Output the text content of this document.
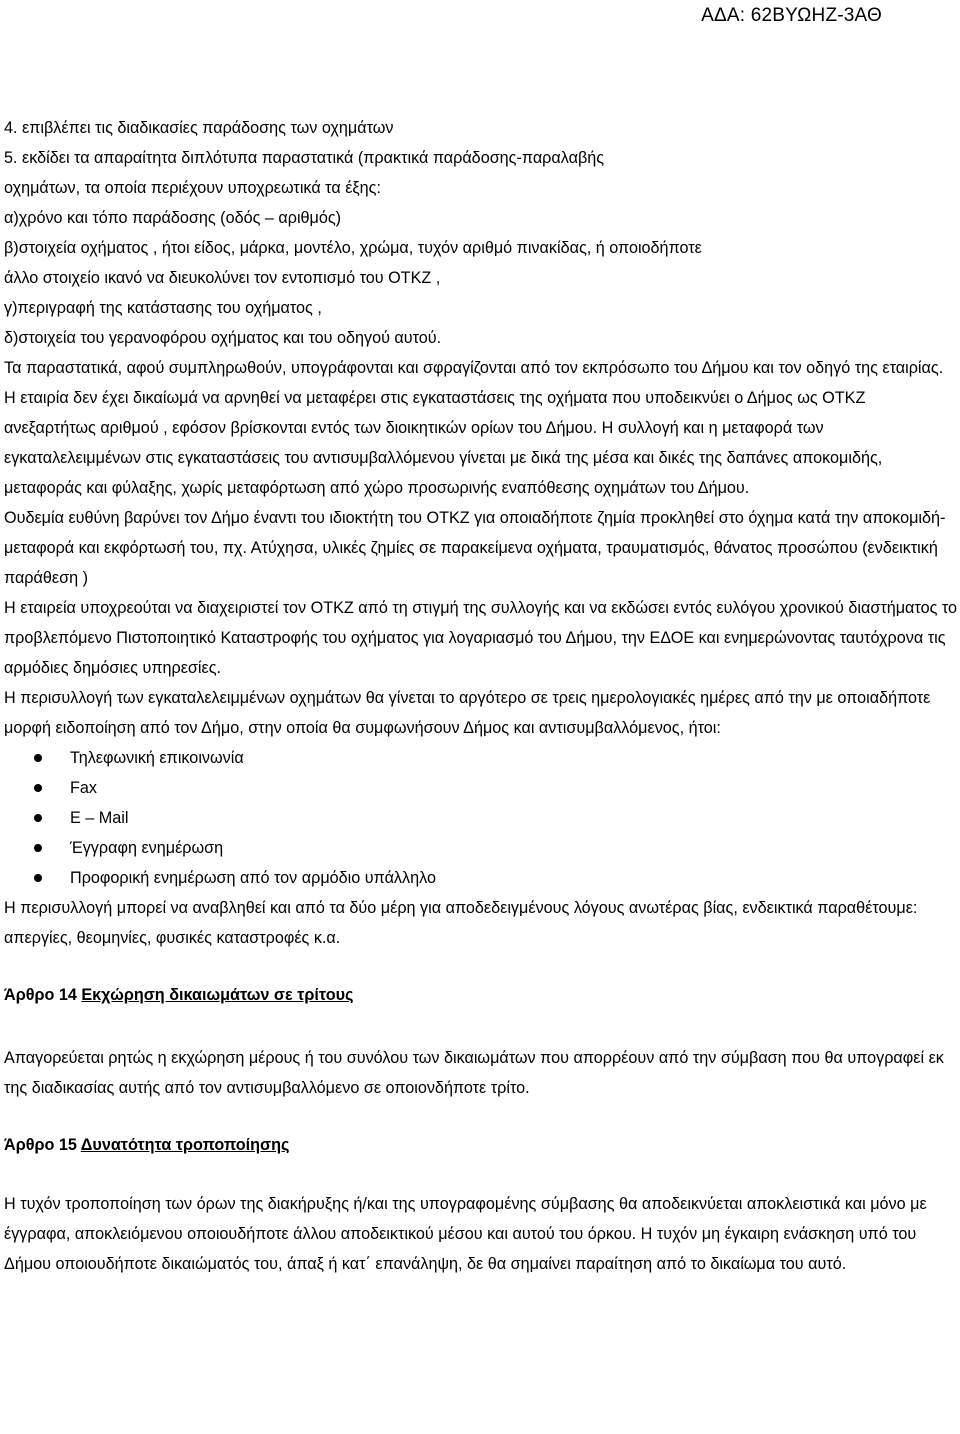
ΑΔΑ: 62ΒΥΩΗΖ-3ΑΘ

4. επιβλέπει τις διαδικασίες παράδοσης των οχημάτων

5. εκδίδει τα απαραίτητα διπλότυπα παραστατικά (πρακτικά παράδοσης-παραλαβής

οχημάτων, τα οποία περιέχουν υποχρεωτικά τα έξης:

α)χρόνο και τόπο παράδοσης (οδός – αριθμός)

β)στοιχεία οχήματος , ήτοι είδος, μάρκα, μοντέλο, χρώμα, τυχόν αριθμό πινακίδας, ή οποιοδήποτε

άλλο στοιχείο ικανό να διευκολύνει τον εντοπισμό του ΟΤΚΖ ,

γ)περιγραφή της κατάστασης του οχήματος ,

δ)στοιχεία του γερανοφόρου οχήματος και του οδηγού αυτού.

Τα παραστατικά, αφού συμπληρωθούν, υπογράφονται και σφραγίζονται από τον εκπρόσωπο του Δήμου και τον οδηγό της εταιρίας.

Η εταιρία δεν έχει δικαίωμά να αρνηθεί να μεταφέρει στις εγκαταστάσεις της οχήματα που υποδεικνύει ο Δήμος ως ΟΤΚΖ ανεξαρτήτως αριθμού , εφόσον βρίσκονται εντός των διοικητικών ορίων του Δήμου. Η συλλογή και η μεταφορά των εγκαταλελειμμένων στις εγκαταστάσεις του αντισυμβαλλόμενου γίνεται με δικά της μέσα και δικές της δαπάνες αποκομιδής, μεταφοράς και φύλαξης, χωρίς μεταφόρτωση από χώρο προσωρινής εναπόθεσης οχημάτων του Δήμου.

Ουδεμία ευθύνη βαρύνει τον Δήμο έναντι του ιδιοκτήτη του ΟΤΚΖ για οποιαδήποτε ζημία προκληθεί στο όχημα κατά την αποκομιδή- μεταφορά και εκφόρτωσή του, πχ. Ατύχησα, υλικές ζημίες σε παρακείμενα οχήματα, τραυματισμός, θάνατος προσώπου (ενδεικτική παράθεση )

Η εταιρεία υποχρεούται να διαχειριστεί τον ΟΤΚΖ από τη στιγμή της συλλογής και να εκδώσει εντός ευλόγου χρονικού διαστήματος το προβλεπόμενο Πιστοποιητικό Καταστροφής του οχήματος για λογαριασμό του Δήμου, την ΕΔΟΕ και ενημερώνοντας ταυτόχρονα τις αρμόδιες δημόσιες υπηρεσίες.

Η περισυλλογή των εγκαταλελειμμένων οχημάτων θα γίνεται το αργότερο σε τρεις ημερολογιακές ημέρες από την με οποιαδήποτε μορφή ειδοποίηση από τον Δήμο, στην οποία θα συμφωνήσουν Δήμος και αντισυμβαλλόμενος, ήτοι:

Τηλεφωνική επικοινωνία
Fax
E – Mail
Έγγραφη ενημέρωση
Προφορική ενημέρωση από τον αρμόδιο υπάλληλο

Η περισυλλογή μπορεί να αναβληθεί και από τα δύο μέρη για αποδεδειγμένους λόγους ανωτέρας βίας, ενδεικτικά παραθέτουμε: απεργίες, θεομηνίες, φυσικές καταστροφές κ.α.

Άρθρο 14 Εκχώρηση δικαιωμάτων σε τρίτους

Απαγορεύεται ρητώς η εκχώρηση μέρους ή του συνόλου των δικαιωμάτων που απορρέουν από την σύμβαση που θα υπογραφεί εκ της διαδικασίας αυτής από τον αντισυμβαλλόμενο σε οποιονδήποτε τρίτο.

Άρθρο 15 Δυνατότητα τροποποίησης

Η τυχόν τροποποίηση των όρων της διακήρυξης ή/και της υπογραφομένης σύμβασης θα αποδεικνύεται αποκλειστικά και μόνο με έγγραφα, αποκλειόμενου οποιουδήποτε άλλου αποδεικτικού μέσου και αυτού του όρκου. Η τυχόν μη έγκαιρη ενάσκηση υπό του Δήμου οποιουδήποτε δικαιώματός του, άπαξ ή κατ΄ επανάληψη, δε θα σημαίνει παραίτηση από το δικαίωμα του αυτό.
